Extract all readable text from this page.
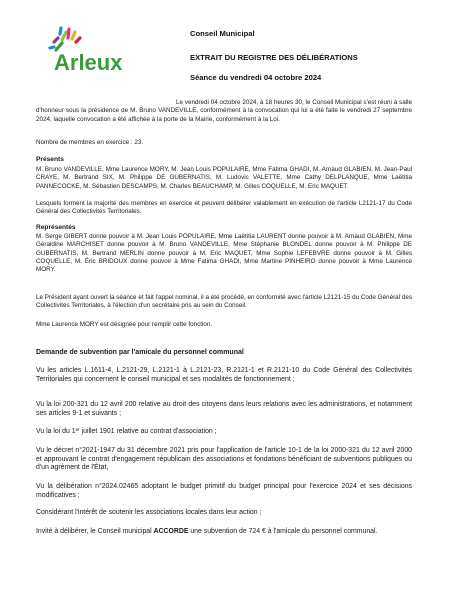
Arleux
Conseil Municipal
EXTRAIT DU REGISTRE DES DÉLIBÉRATIONS
Séance du vendredi 04 octobre 2024

Le vendredi 04 octobre 2024, à 18 heures 30, le Conseil Municipal s'est réuni à salle d'honneur sous la présidence de M. Bruno VANDEVILLE, conformément à la convocation qui lui a été faite le vendredi 27 septembre 2024, laquelle convocation a été affichée à la porte de la Mairie, conformément à la Loi.

Nombre de membres en exercice : 23.

Présents

M. Bruno VANDEVILLE, Mme Laurence MORY, M. Jean Louis POPULAIRE, Mme Fatima GHADI, M. Arnaud GLABIEN, M. Jean-Paul CRAYE, M. Bertrand SIX, M. Philippe DE GUBERNATIS, M. Ludovic VALETTE, Mme Cathy DELPLANQUE, Mme Laëtitia PANNECOCKE, M. Sébastien DESCAMPS, M. Charles BEAUCHAMP, M. Gilles COQUELLE, M. Eric MAQUET.

Lesquels forment la majorité des membres en exercice et peuvent délibérer valablement en exécution de l'article L2121-17 du Code Général des Collectivités Territoriales.

Représentés

M. Serge GIBERT donne pouvoir à M. Jean Louis POPULAIRE, Mme Laëtitia LAURENT donne pouvoir à M. Arnaud GLABIEN, Mme Géraldine MARCHISET donne pouvoir à M. Bruno VANDEVILLE, Mme Stéphanie BLONDEL donne pouvoir à M. Philippe DE GUBERNATIS, M. Bertrand MERLIN donne pouvoir à M. Eric MAQUET, Mme Sophie LEFEBVRE donne pouvoir à M. Gilles COQUELLE, M. Éric BRIDOUX donne pouvoir à Mme Fatima GHADI, Mme Martine PINHEIRO donne pouvoir à Mme Laurence MORY.

Le Président ayant ouvert la séance et fait l'appel nominal, il a été procédé, en conformité avec l'article L2121-15 du Code Général des Collectivités Territoriales, à l'élection d'un secrétaire pris au sein du Conseil.

Mme Laurence MORY est désignée pour remplir cette fonction.

Demande de subvention par l'amicale du personnel communal

Vu les articles L.1611-4, L.2121-29, L.2121-1 à L.2121-23, R.2121-1 et R.2121-10 du Code Général des Collectivités Territoriales qui concernent le conseil municipal et ses modalités de fonctionnement ;

Vu la loi 200-321 du 12 avril 200 relative au droit des citoyens dans leurs relations avec les administrations, et notamment ses articles 9-1 et suivants ;

Vu la loi du 1er juillet 1901 relative au contrat d'association ;

Vu le décret n°2021-1947 du 31 décembre 2021 pris pour l'application de l'article 10-1 de la loi 2000-321 du 12 avril 2000 et approuvant le contrat d'engagement républicain des associations et fondations bénéficiant de subventions publiques ou d'un agrément de l'État,

Vu la délibération n°2024.02465 adoptant le budget primitif du budget principal pour l'exercice 2024 et ses décisions modificatives ;

Considérant l'intérêt de soutenir les associations locales dans leur action ;

Invité à délibérer, le Conseil municipal ACCORDE une subvention de 724 € à l'amicale du personnel communal.
